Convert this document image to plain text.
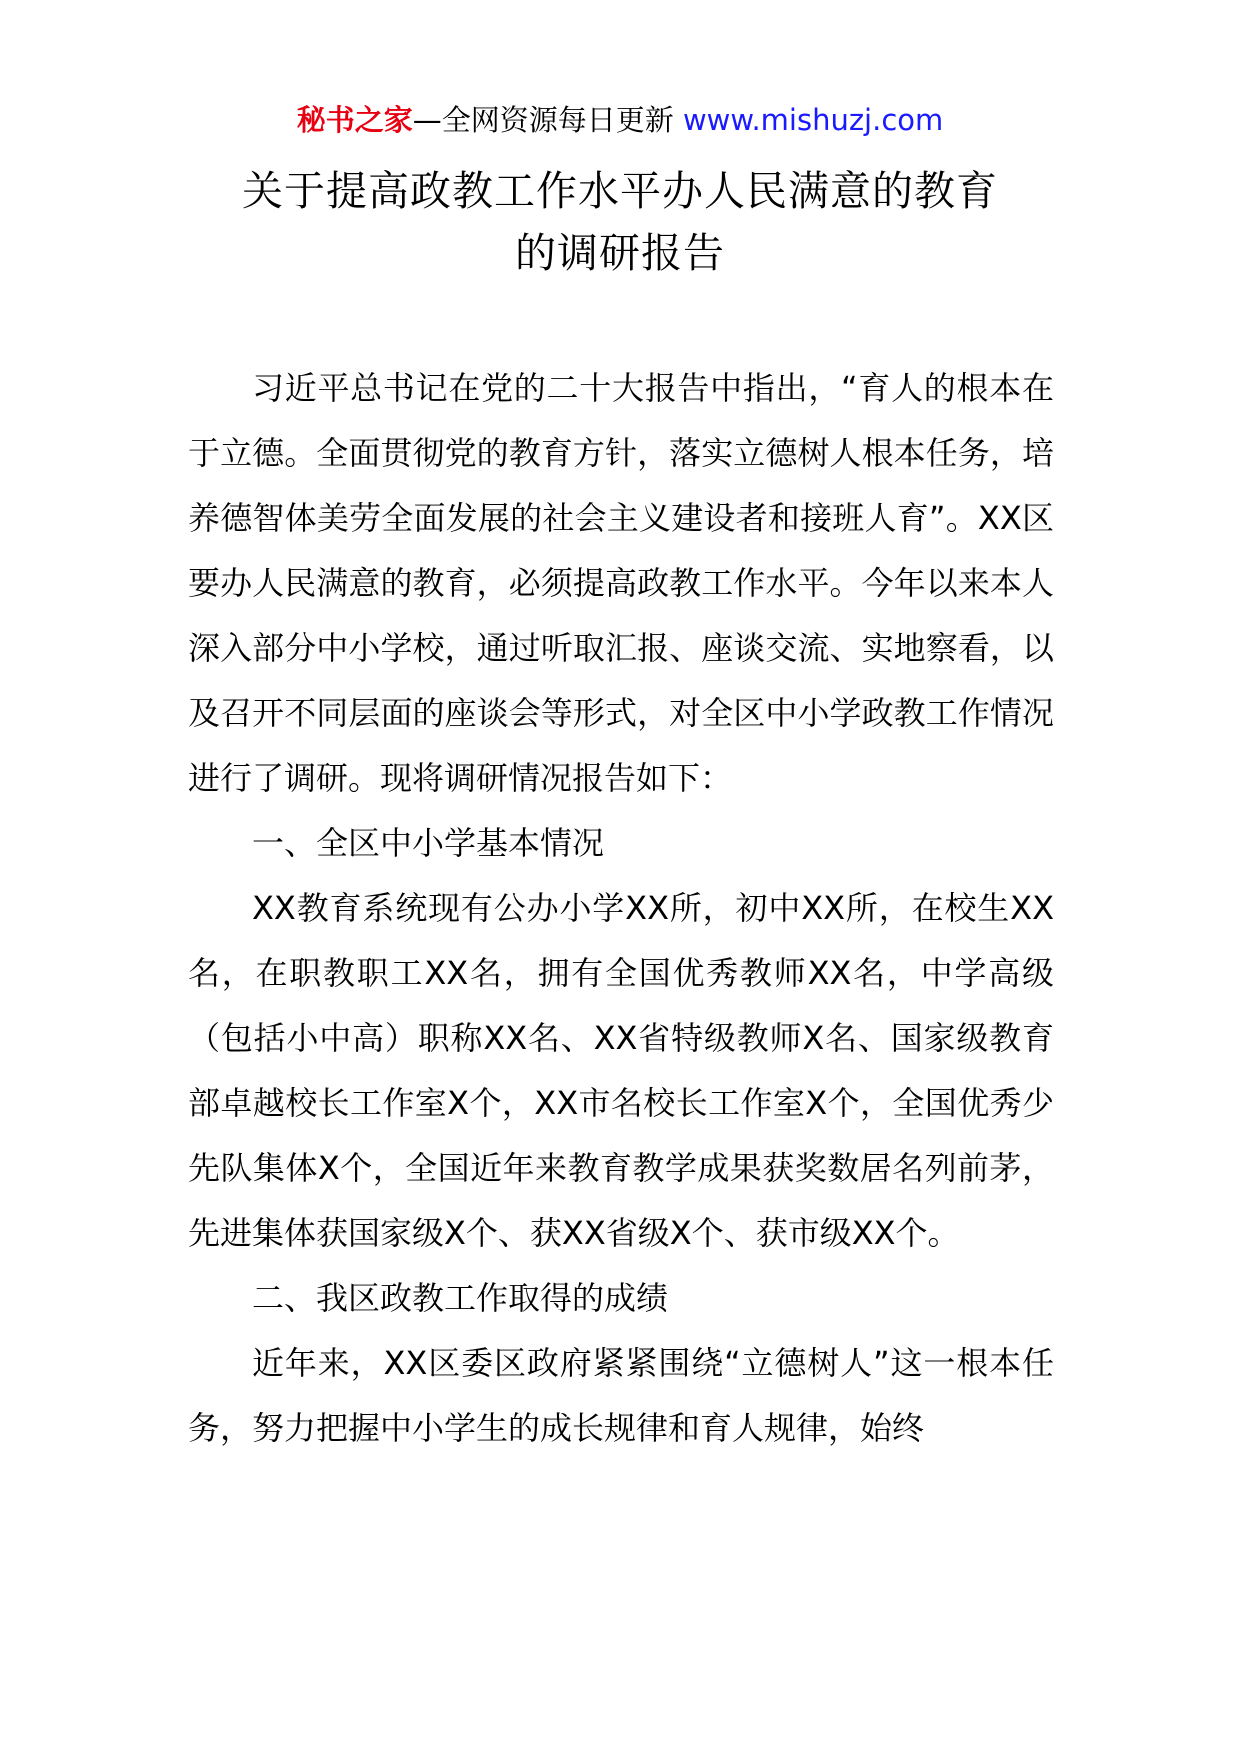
秘书之家—全网资源每日更新 www.mishuzj.com
关于提高政教工作水平办人民满意的教育
的调研报告

习近平总书记在党的二十大报告中指出，“育人的根本在于立德。全面贯彻党的教育方针，落实立德树人根本任务，培养德智体美劳全面发展的社会主义建设者和接班人育”。XX区要办人民满意的教育，必须提高政教工作水平。今年以来本人深入部分中小学校，通过听取汇报、座谈交流、实地察看，以及召开不同层面的座谈会等形式，对全区中小学政教工作情况进行了调研。现将调研情况报告如下：

一、全区中小学基本情况

XX教育系统现有公办小学XX所，初中XX所，在校生XX名，在职教职工XX名，拥有全国优秀教师XX名，中学高级（包括小中高）职称XX名、XX省特级教师X名、国家级教育部卓越校长工作室X个，XX市名校长工作室X个，全国优秀少先队集体X个，全国近年来教育教学成果获奖数居名列前茅，先进集体获国家级X个、获XX省级X个、获市级XX个。

二、我区政教工作取得的成绩

近年来，XX区委区政府紧紧围绕“立德树人”这一根本任务，努力把握中小学生的成长规律和育人规律，始终
